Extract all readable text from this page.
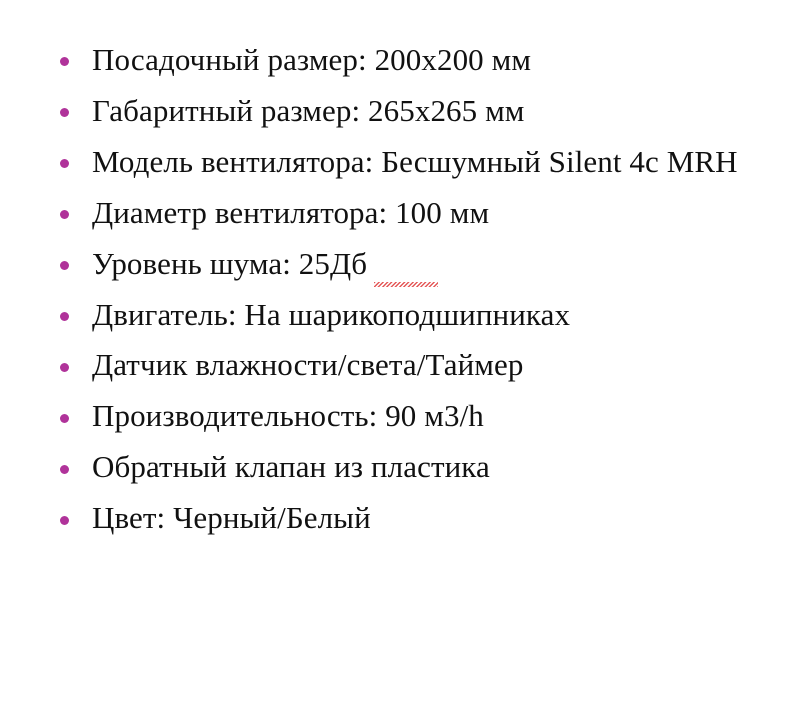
Посадочный размер: 200х200 мм
Габаритный размер: 265х265 мм
Модель вентилятора: Бесшумный Silent 4с MRH
Диаметр вентилятора: 100 мм
Уровень шума: 25Дб
Двигатель: На шарикоподшипниках
Датчик влажности/света/Таймер
Производительность: 90 м3/h
Обратный клапан из пластика
Цвет: Черный/Белый
